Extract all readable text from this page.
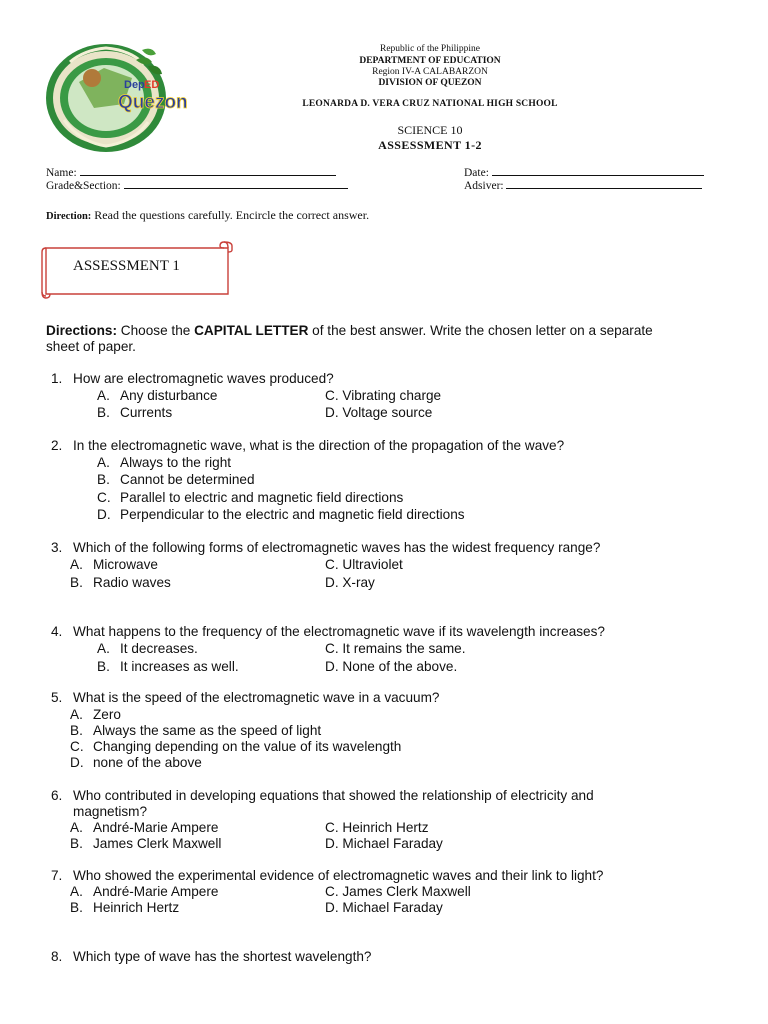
Dep ED
Quezon
Republic of the Philippine
DEPARTMENT OF EDUCATION
Region IV-A CALABARZON
DIVISION OF QUEZON
LEONARDA D. VERA CRUZ NATIONAL HIGH SCHOOL
SCIENCE 10
ASSESSMENT 1-2
Name:
Grade&Section:
Date:
Adsiver:
Direction: Read the questions carefully. Encircle the correct answer.
ASSESSMENT 1
Directions: Choose the CAPITAL LETTER of the best answer. Write the chosen letter on a separate
sheet of paper.
1. How are electromagnetic waves produced?
A. Any disturbance
B. Currents
C. Vibrating charge
D. Voltage source
2. In the electromagnetic wave, what is the direction of the propagation of the wave?
A. Always to the right
B. Cannot be determined
C. Parallel to electric and magnetic field directions
D. Perpendicular to the electric and magnetic field directions
3. Which of the following forms of electromagnetic waves has the widest frequency range?
A. Microwave
B. Radio waves
C. Ultraviolet
D. X-ray
4. What happens to the frequency of the electromagnetic wave if its wavelength increases?
A. It decreases.
B. It increases as well.
C. It remains the same.
D. None of the above.
5. What is the speed of the electromagnetic wave in a vacuum?
A. Zero
B. Always the same as the speed of light
C. Changing depending on the value of its wavelength
D. none of the above
6. Who contributed in developing equations that showed the relationship of electricity and
magnetism?
A. André-Marie Ampere
B. James Clerk Maxwell
C. Heinrich Hertz
D. Michael Faraday
7. Who showed the experimental evidence of electromagnetic waves and their link to light?
A. André-Marie Ampere
B. Heinrich Hertz
C. James Clerk Maxwell
D. Michael Faraday
8. Which type of wave has the shortest wavelength?
